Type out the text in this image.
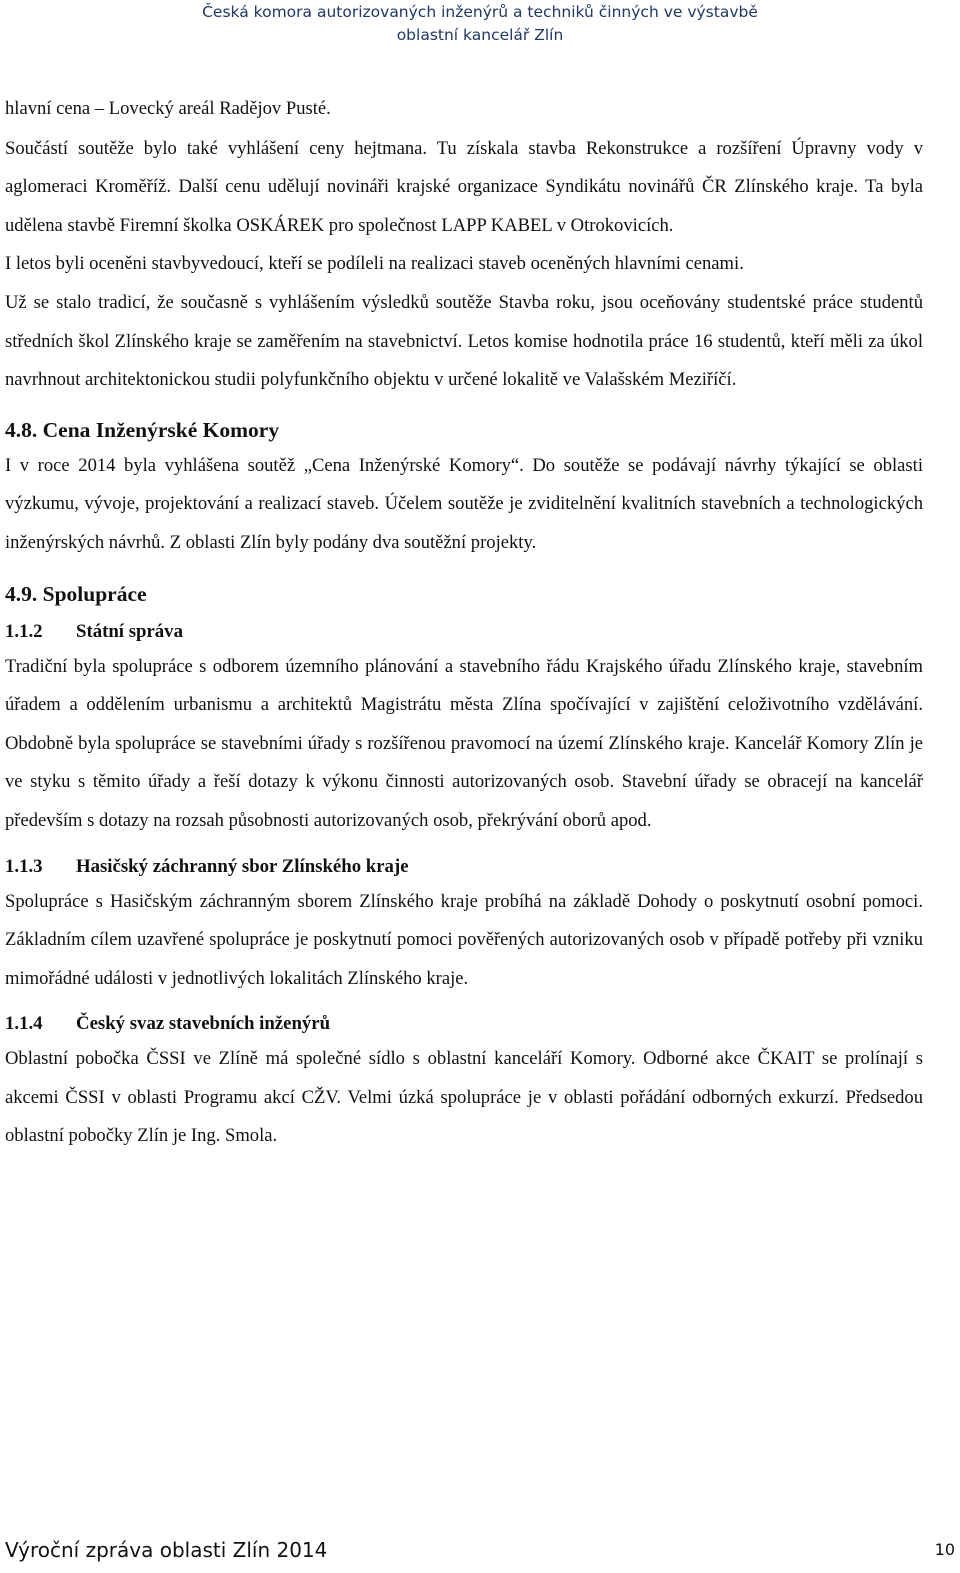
Česká komora autorizovaných inženýrů a techniků činných ve výstavbě
oblastní kancelář Zlín

hlavní cena – Lovecký areál Radějov Pusté.

Součástí soutěže bylo také vyhlášení ceny hejtmana. Tu získala stavba Rekonstrukce a rozšíření Úpravny vody v aglomeraci Kroměříž. Další cenu udělují novináři krajské organizace Syndikátu novinářů ČR Zlínského kraje. Ta byla udělena stavbě Firemní školka OSKÁREK pro společnost LAPP KABEL v Otrokovicích.

I letos byli oceněni stavbyvedoucí, kteří se podíleli na realizaci staveb oceněných hlavními cenami.

Už se stalo tradicí, že současně s vyhlášením výsledků soutěže Stavba roku, jsou oceňovány studentské práce studentů středních škol Zlínského kraje se zaměřením na stavebnictví. Letos komise hodnotila práce 16 studentů, kteří měli za úkol navrhnout architektonickou studii polyfunkčního objektu v určené lokalitě ve Valašském Meziříčí.

4.8. Cena Inženýrské Komory

I v roce 2014 byla vyhlášena soutěž „Cena Inženýrské Komory“. Do soutěže se podávají návrhy týkající se oblasti výzkumu, vývoje, projektování a realizací staveb. Účelem soutěže je zviditelnění kvalitních stavebních a technologických inženýrských návrhů. Z oblasti Zlín byly podány dva soutěžní projekty.

4.9. Spolupráce
1.1.2 Státní správa

Tradiční byla spolupráce s odborem územního plánování a stavebního řádu Krajského úřadu Zlínského kraje, stavebním úřadem a oddělením urbanismu a architektů Magistrátu města Zlína spočívající v zajištění celoživotního vzdělávání. Obdobně byla spolupráce se stavebními úřady s rozšířenou pravomocí na území Zlínského kraje. Kancelář Komory Zlín je ve styku s těmito úřady a řeší dotazy k výkonu činnosti autorizovaných osob. Stavební úřady se obracejí na kancelář především s dotazy na rozsah působnosti autorizovaných osob, překrývání oborů apod.

1.1.3 Hasičský záchranný sbor Zlínského kraje

Spolupráce s Hasičským záchranným sborem Zlínského kraje probíhá na základě Dohody o poskytnutí osobní pomoci. Základním cílem uzavřené spolupráce je poskytnutí pomoci pověřených autorizovaných osob v případě potřeby při vzniku mimořádné události v jednotlivých lokalitách Zlínského kraje.

1.1.4 Český svaz stavebních inženýrů

Oblastní pobočka ČSSI ve Zlíně má společné sídlo s oblastní kanceláří Komory. Odborné akce ČKAIT se prolínají s akcemi ČSSI v oblasti Programu akcí CŽV. Velmi úzká spolupráce je v oblasti pořádání odborných exkurzí. Předsedou oblastní pobočky Zlín je Ing. Smola.

Výroční zpráva oblasti Zlín 2014	10
